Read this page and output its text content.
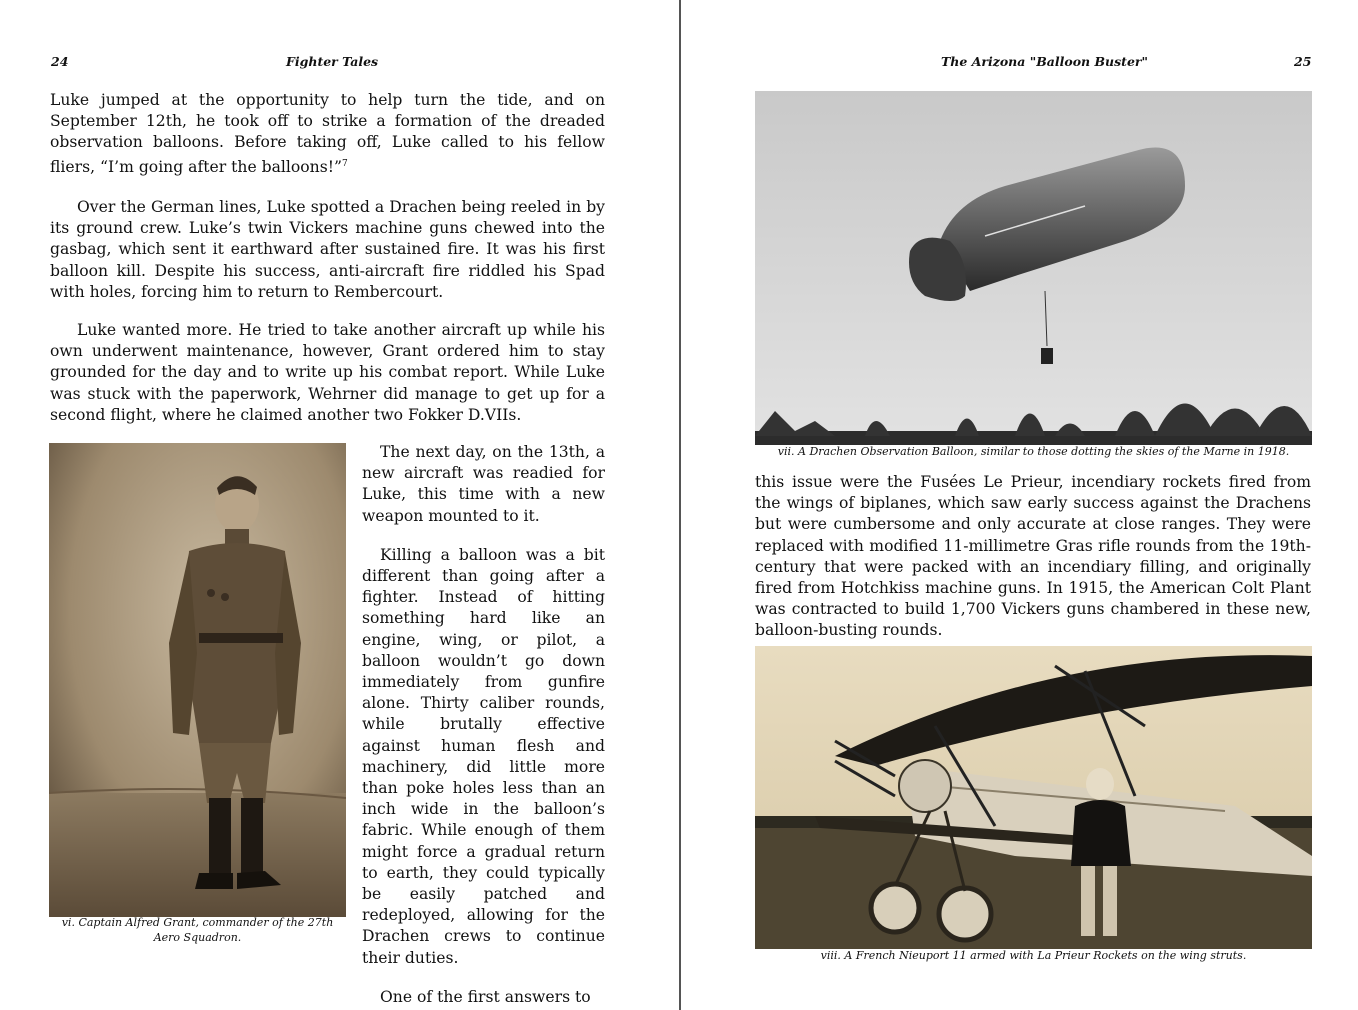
24	Fighter Tales

Luke jumped at the opportunity to help turn the tide, and on September 12th, he took off to strike a formation of the dreaded observation balloons. Before taking off, Luke called to his fellow fliers, “I’m going after the balloons!”$^7$

Over the German lines, Luke spotted a Drachen being reeled in by its ground crew. Luke’s twin Vickers machine guns chewed into the gasbag, which sent it earthward after sustained fire. It was his first balloon kill. Despite his success, anti-aircraft fire riddled his Spad with holes, forcing him to return to Rembercourt.

Luke wanted more. He tried to take another aircraft up while his own underwent maintenance, however, Grant ordered him to stay grounded for the day and to write up his combat report. While Luke was stuck with the paperwork, Wehrner did manage to get up for a second flight, where he claimed another two Fokker D.VIIs.

vi. Captain Alfred Grant, commander of the 27th Aero Squadron.

The next day, on the 13th, a new aircraft was readied for Luke, this time with a new weapon mounted to it.

Killing a balloon was a bit different than going after a fighter. Instead of hitting something hard like an engine, wing, or pilot, a balloon wouldn’t go down immediately from gunfire alone. Thirty caliber rounds, while brutally effective against human flesh and machinery, did little more than poke holes less than an inch wide in the balloon’s fabric. While enough of them might force a gradual return to earth, they could typically be easily patched and redeployed, allowing for the Drachen crews to continue their duties.

One of the first answers to

The Arizona "Balloon Buster"	25
vii. A Drachen Observation Balloon, similar to those dotting the skies of the Marne in 1918.

this issue were the Fusées Le Prieur, incendiary rockets fired from the wings of biplanes, which saw early success against the Drachens but were cumbersome and only accurate at close ranges. They were replaced with modified 11-millimetre Gras rifle rounds from the 19th-century that were packed with an incendiary filling, and originally fired from Hotchkiss machine guns. In 1915, the American Colt Plant was contracted to build 1,700 Vickers guns chambered in these new, balloon-busting rounds.

viii. A French Nieuport 11 armed with La Prieur Rockets on the wing struts.
